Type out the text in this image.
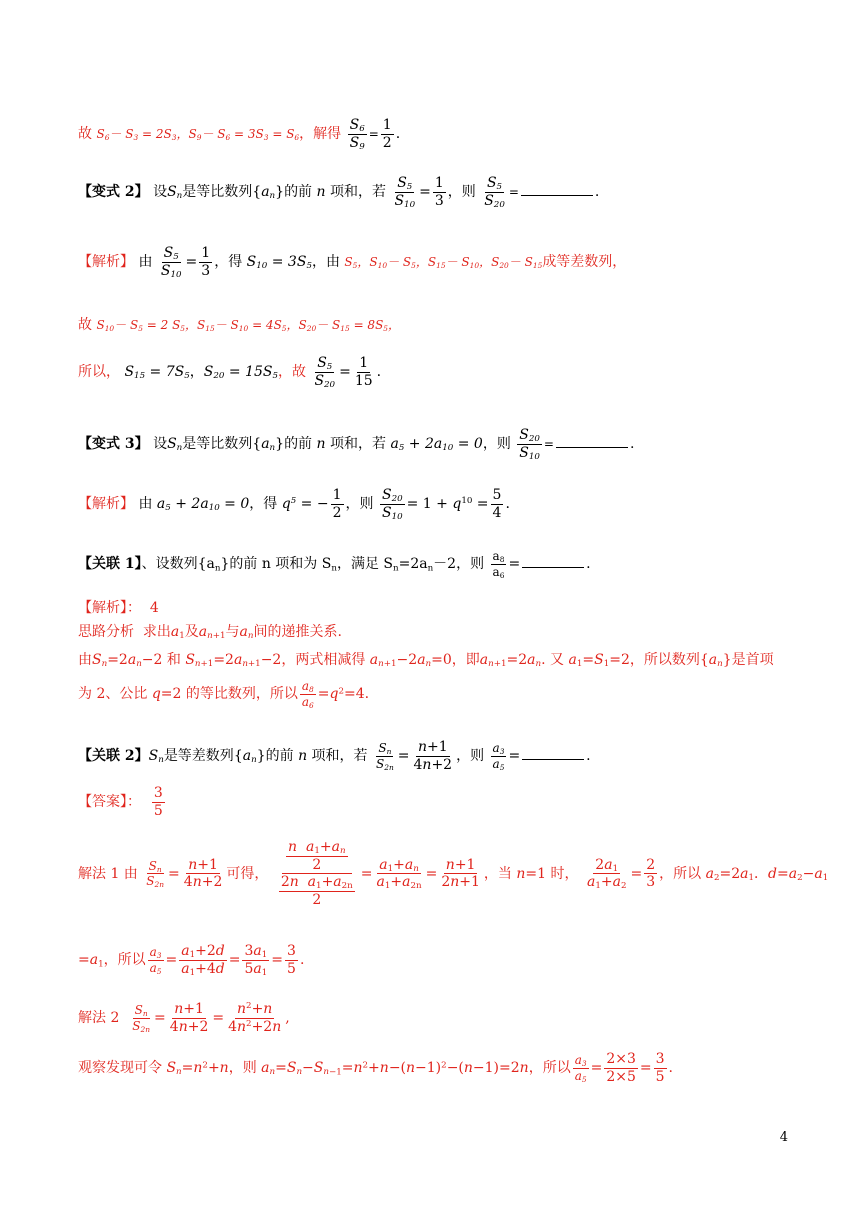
故 $S_6- S_3 = 2S_3$，$S_9- S_6 = 3S_3 = S_6$，解得 $\frac{S_6}{S_9} = \frac{1}{2}$ .
【变式 2】 设$S_n$是等比数列$\{a_n\}$的前 n 项和，若 $\frac{S_5}{S_{10}} = \frac{1}{3}$ ，则 $\frac{S_5}{S_{20}}$ =	.
【解析】 由 $\frac{S_5}{S_{10}} = \frac{1}{3}$ ，得 $S_{10} = 3S_5$，由 $S_5$，$S_{10}- S_5$，$S_{15}- S_{10}$，$S_{20}- S_{15}$成等差数列，
故 $S_{10}- S_5 = 2$ $S_5$，$S_{15}- S_{10} = 4S_5$，$S_{20}- S_{15} = 8S_5$，
所以， $S_{15} = 7S_5$，$S_{20} = 15S_5$，故 $\frac{S_5}{S_{20}} = \frac{1}{15}$ .
【变式 3】 设$S_n$是等比数列$\{a_n\}$的前 n 项和，若 $a_5 + 2a_{10} = 0$，则 $\frac{S_{20}}{S_{10}}$ =	.
【解析】 由 $a_5 + 2a_{10} = 0$，得 $q^5$ = − $\frac{1}{2}$ ，则 $\frac{S_{20}}{S_{10}} = 1 + q^{10} = \frac{5}{4}$ .
【关联 1】、设数列$\{a_n\}$的前 n 项和为 $S_n$，满足 $S_n=2a_n-2$，则 $\frac{a_8}{a_6}$ =	.
【解析】： 4
思路分析 求出$a_1$及$a_{n+1}$与$a_n$间的递推关系.
由$S_n=2a_n-2$ 和 $S_{n+1}=2a_{n+1}-2$，两式相减得 $a_{n+1}-2a_n=0$，即$a_{n+1}=2a_n$. 又 $a_1=S_1=2$，所以数列$\{a_n\}$是首项
为 2、公比 q=2 的等比数列，所以 $\frac{a_8}{a_6} =q^2=4$.
【关联 2】$S_n$是等差数列$\{a_n\}$的前 n 项和，若 $\frac{S_n}{S_{2n}} = \frac{n+1}{4n+2}$ ，则 $\frac{a_3}{a_5}$ =	.
【答案】： $\frac{3}{5}$
解法 1 由 $\frac{S_n}{S_{2n}} = \frac{n+1}{4n+2}$ 可得， $\frac{\frac{n a_1+a_n}{2}}{\frac{2n a_1+a_{2n}}{2}} = \frac{a_1+a_n}{a_1+a_{2n}} = \frac{n+1}{2n+1}$ ，当 n=1 时， $\frac{2a_1}{a_1+a_2} = \frac{2}{3}$ ，所以 $a_2=2a_1$．$d=a_2-a_1$
$=a_1$，所以 $\frac{a_3}{a_5} = \frac{a_1+2d}{a_1+4d} = \frac{3a_1}{5a_1} = \frac{3}{5}$ .
解法 $2 \frac{S_n}{S_{2n}} = \frac{n+1}{4n+2} = \frac{n^2+n}{4n^2+2n}$ ,
观察发现可令 $S_n=n^2+n$，则 $a_n=S_n-S_{n-1}=n^2+n-(n-1)^2-(n-1)=2n$，所以 $\frac{a_3}{a_5} = \frac{2\times 3}{2\times 5} = \frac{3}{5}$ .
4
